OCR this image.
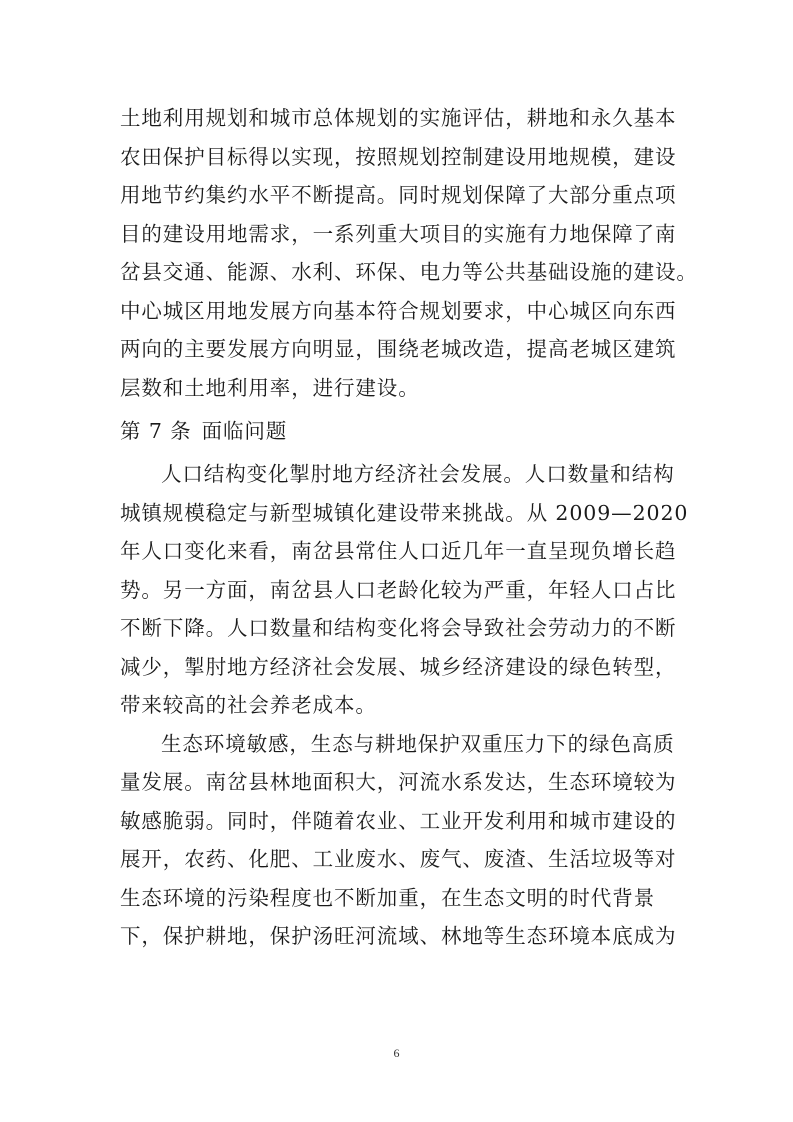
土地利用规划和城市总体规划的实施评估，耕地和永久基本
农田保护目标得以实现，按照规划控制建设用地规模，建设
用地节约集约水平不断提高。同时规划保障了大部分重点项
目的建设用地需求，一系列重大项目的实施有力地保障了南
岔县交通、能源、水利、环保、电力等公共基础设施的建设。
中心城区用地发展方向基本符合规划要求，中心城区向东西
两向的主要发展方向明显，围绕老城改造，提高老城区建筑
层数和土地利用率，进行建设。
第 7 条 面临问题
人口结构变化掣肘地方经济社会发展。人口数量和结构
城镇规模稳定与新型城镇化建设带来挑战。从 2009—2020
年人口变化来看，南岔县常住人口近几年一直呈现负增长趋
势。另一方面，南岔县人口老龄化较为严重，年轻人口占比
不断下降。人口数量和结构变化将会导致社会劳动力的不断
减少，掣肘地方经济社会发展、城乡经济建设的绿色转型，
带来较高的社会养老成本。
生态环境敏感，生态与耕地保护双重压力下的绿色高质
量发展。南岔县林地面积大，河流水系发达，生态环境较为
敏感脆弱。同时，伴随着农业、工业开发利用和城市建设的
展开，农药、化肥、工业废水、废气、废渣、生活垃圾等对
生态环境的污染程度也不断加重，在生态文明的时代背景
下，保护耕地，保护汤旺河流域、林地等生态环境本底成为
6
